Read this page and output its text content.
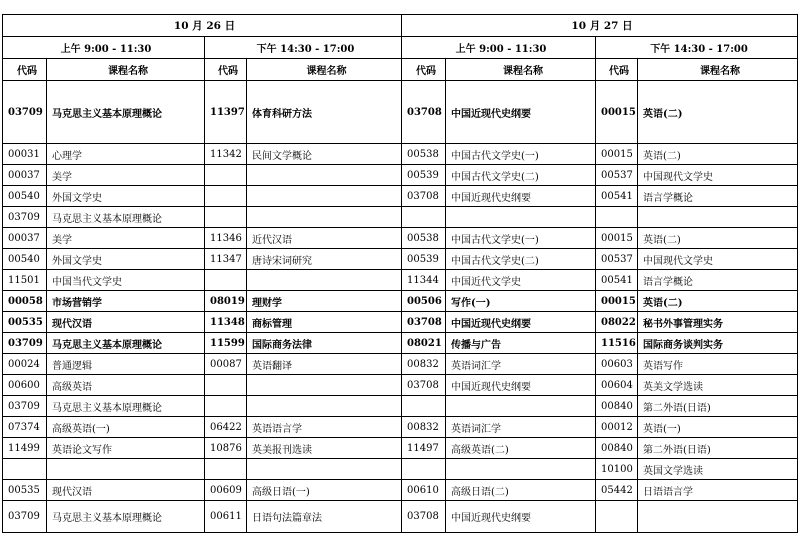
10 月 26 日				10 月 27 日			
上午 9:00 - 11:30		下午 14:30 - 17:00		上午 9:00 - 11:30		下午 14:30 - 17:00	
代码	课程名称	代码	课程名称	代码	课程名称	代码	课程名称
03709	马克思主义基本原理概论	11397	体育科研方法	03708	中国近现代史纲要	00015	英语(二)
00031	心理学	11342	民间文学概论	00538	中国古代文学史(一)	00015	英语(二)
00037	美学			00539	中国古代文学史(二)	00537	中国现代文学史
00540	外国文学史			03708	中国近现代史纲要	00541	语言学概论
03709	马克思主义基本原理概论						
00037	美学	11346	近代汉语	00538	中国古代文学史(一)	00015	英语(二)
00540	外国文学史	11347	唐诗宋词研究	00539	中国古代文学史(二)	00537	中国现代文学史
11501	中国当代文学史			11344	中国近代文学史	00541	语言学概论
00058	市场营销学	08019	理财学	00506	写作(一)	00015	英语(二)
00535	现代汉语	11348	商标管理	03708	中国近现代史纲要	08022	秘书外事管理实务
03709	马克思主义基本原理概论	11599	国际商务法律	08021	传播与广告	11516	国际商务谈判实务
00024	普通逻辑	00087	英语翻译	00832	英语词汇学	00603	英语写作
00600	高级英语			03708	中国近现代史纲要	00604	英美文学选读
03709	马克思主义基本原理概论					00840	第二外语(日语)
07374	高级英语(一)	06422	英语语言学	00832	英语词汇学	00012	英语(一)
11499	英语论文写作	10876	英美报刊选读	11497	高级英语(二)	00840	第二外语(日语)
						10100	英国文学选读
00535	现代汉语	00609	高级日语(一)	00610	高级日语(二)	05442	日语语言学
03709	马克思主义基本原理概论	00611	日语句法篇章法	03708	中国近现代史纲要		
